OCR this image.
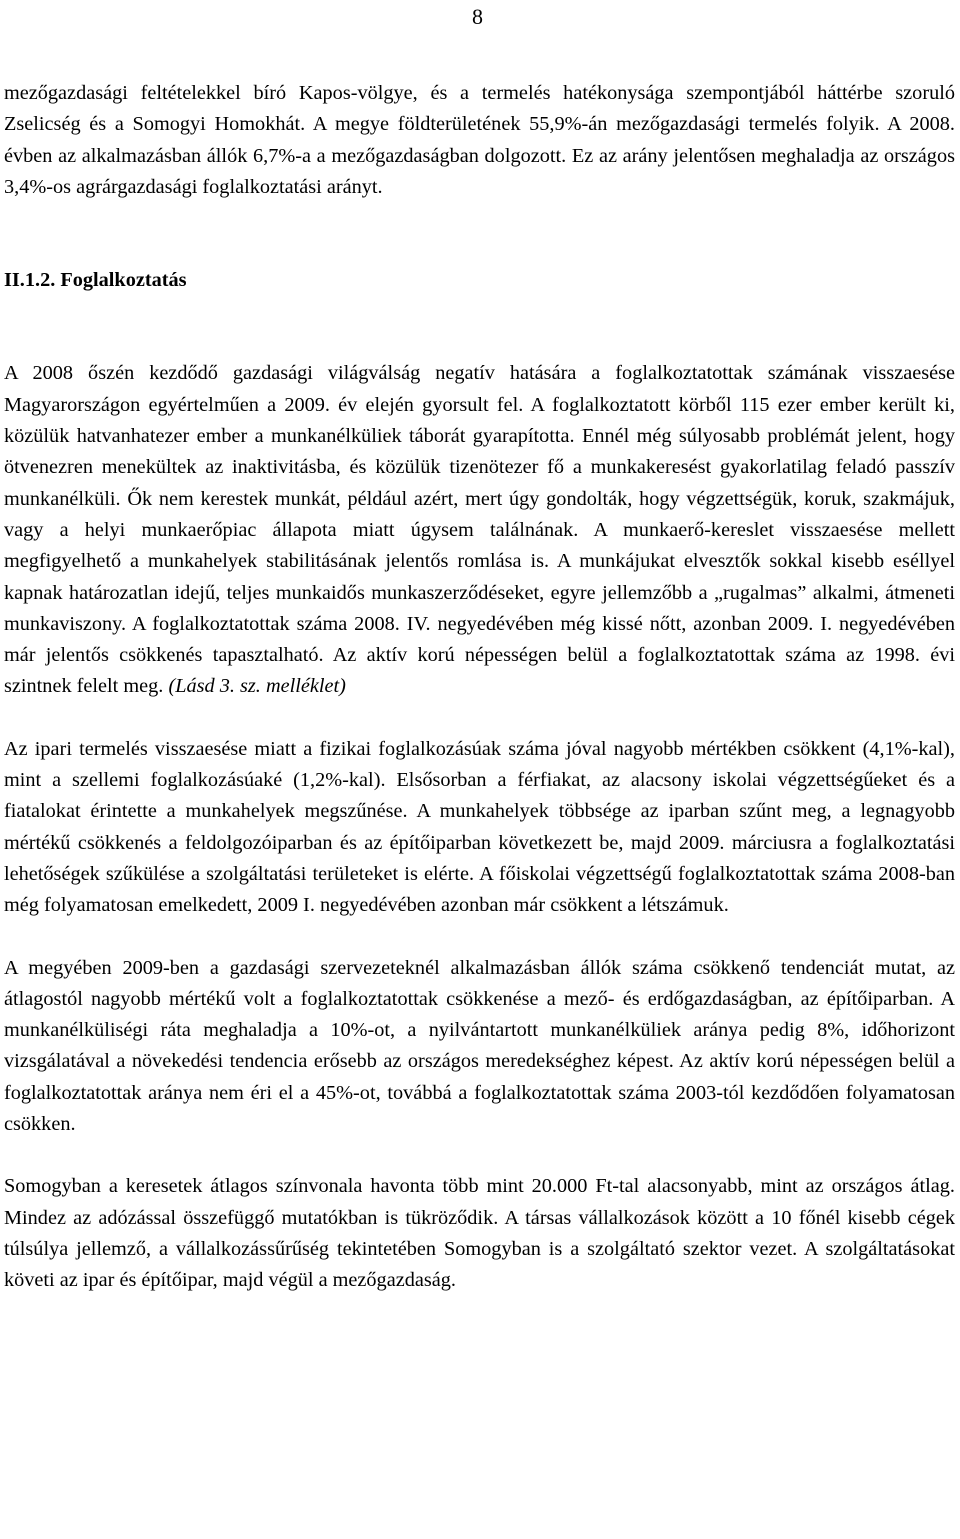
8

mezőgazdasági feltételekkel bíró Kapos-völgye, és a termelés hatékonysága szempontjából háttérbe szoruló Zselicség és a Somogyi Homokhát. A megye földterületének 55,9%-án mezőgazdasági termelés folyik. A 2008. évben az alkalmazásban állók 6,7%-a a mezőgazdaságban dolgozott. Ez az arány jelentősen meghaladja az országos 3,4%-os agrárgazdasági foglalkoztatási arányt.

II.1.2. Foglalkoztatás

A 2008 őszén kezdődő gazdasági világválság negatív hatására a foglalkoztatottak számának visszaesése Magyarországon egyértelműen a 2009. év elején gyorsult fel. A foglalkoztatott körből 115 ezer ember került ki, közülük hatvanhatezer ember a munkanélküliek táborát gyarapította. Ennél még súlyosabb problémát jelent, hogy ötvenezren menekültek az inaktivitásba, és közülük tizenötezer fő a munkakeresést gyakorlatilag feladó passzív munkanélküli. Ők nem kerestek munkát, például azért, mert úgy gondolták, hogy végzettségük, koruk, szakmájuk, vagy a helyi munkaerőpiac állapota miatt úgysem találnának. A munkaerő-kereslet visszaesése mellett megfigyelhető a munkahelyek stabilitásának jelentős romlása is. A munkájukat elvesztők sokkal kisebb eséllyel kapnak határozatlan idejű, teljes munkaidős munkaszerződéseket, egyre jellemzőbb a „rugalmas” alkalmi, átmeneti munkaviszony. A foglalkoztatottak száma 2008. IV. negyedévében még kissé nőtt, azonban 2009. I. negyedévében már jelentős csökkenés tapasztalható. Az aktív korú népességen belül a foglalkoztatottak száma az 1998. évi szintnek felelt meg. (Lásd 3. sz. melléklet)

Az ipari termelés visszaesése miatt a fizikai foglalkozásúak száma jóval nagyobb mértékben csökkent (4,1%-kal), mint a szellemi foglalkozásúaké (1,2%-kal). Elsősorban a férfiakat, az alacsony iskolai végzettségűeket és a fiatalokat érintette a munkahelyek megszűnése. A munkahelyek többsége az iparban szűnt meg, a legnagyobb mértékű csökkenés a feldolgozóiparban és az építőiparban következett be, majd 2009. márciusra a foglalkoztatási lehetőségek szűkülése a szolgáltatási területeket is elérte. A főiskolai végzettségű foglalkoztatottak száma 2008-ban még folyamatosan emelkedett, 2009 I. negyedévében azonban már csökkent a létszámuk.

A megyében 2009-ben a gazdasági szervezeteknél alkalmazásban állók száma csökkenő tendenciát mutat, az átlagostól nagyobb mértékű volt a foglalkoztatottak csökkenése a mező- és erdőgazdaságban, az építőiparban. A munkanélküliségi ráta meghaladja a 10%-ot, a nyilvántartott munkanélküliek aránya pedig 8%, időhorizont vizsgálatával a növekedési tendencia erősebb az országos meredekséghez képest. Az aktív korú népességen belül a foglalkoztatottak aránya nem éri el a 45%-ot, továbbá a foglalkoztatottak száma 2003-tól kezdődően folyamatosan csökken.

Somogyban a keresetek átlagos színvonala havonta több mint 20.000 Ft-tal alacsonyabb, mint az országos átlag. Mindez az adózással összefüggő mutatókban is tükröződik. A társas vállalkozások között a 10 főnél kisebb cégek túlsúlya jellemző, a vállalkozássűrűség tekintetében Somogyban is a szolgáltató szektor vezet. A szolgáltatásokat követi az ipar és építőipar, majd végül a mezőgazdaság.
